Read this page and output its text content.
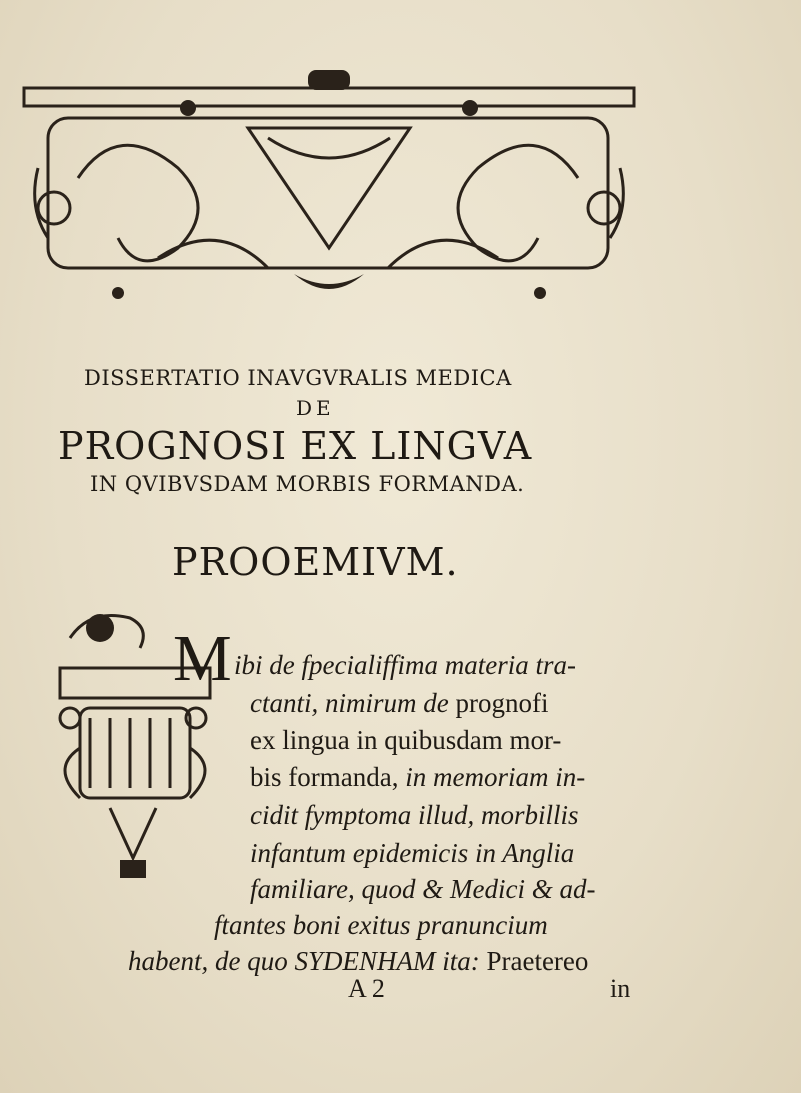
DISSERTATIO INAVGVRALIS MEDICA
DE
PROGNOSI EX LINGVA
IN QVIBVSDAM MORBIS FORMANDA.
PROOEMIVM.
M ibi de fpecialiffima materia tra-
ctanti, nimirum de prognofi
ex lingua in quibusdam mor-
bis formanda, in memoriam in-
cidit fymptoma illud, morbillis
infantum epidemicis in Anglia
familiare, quod & Medici & ad-
ftantes boni exitus pranuncium
habent, de quo SYDENHAM ita: Praetereo
A 2	in
